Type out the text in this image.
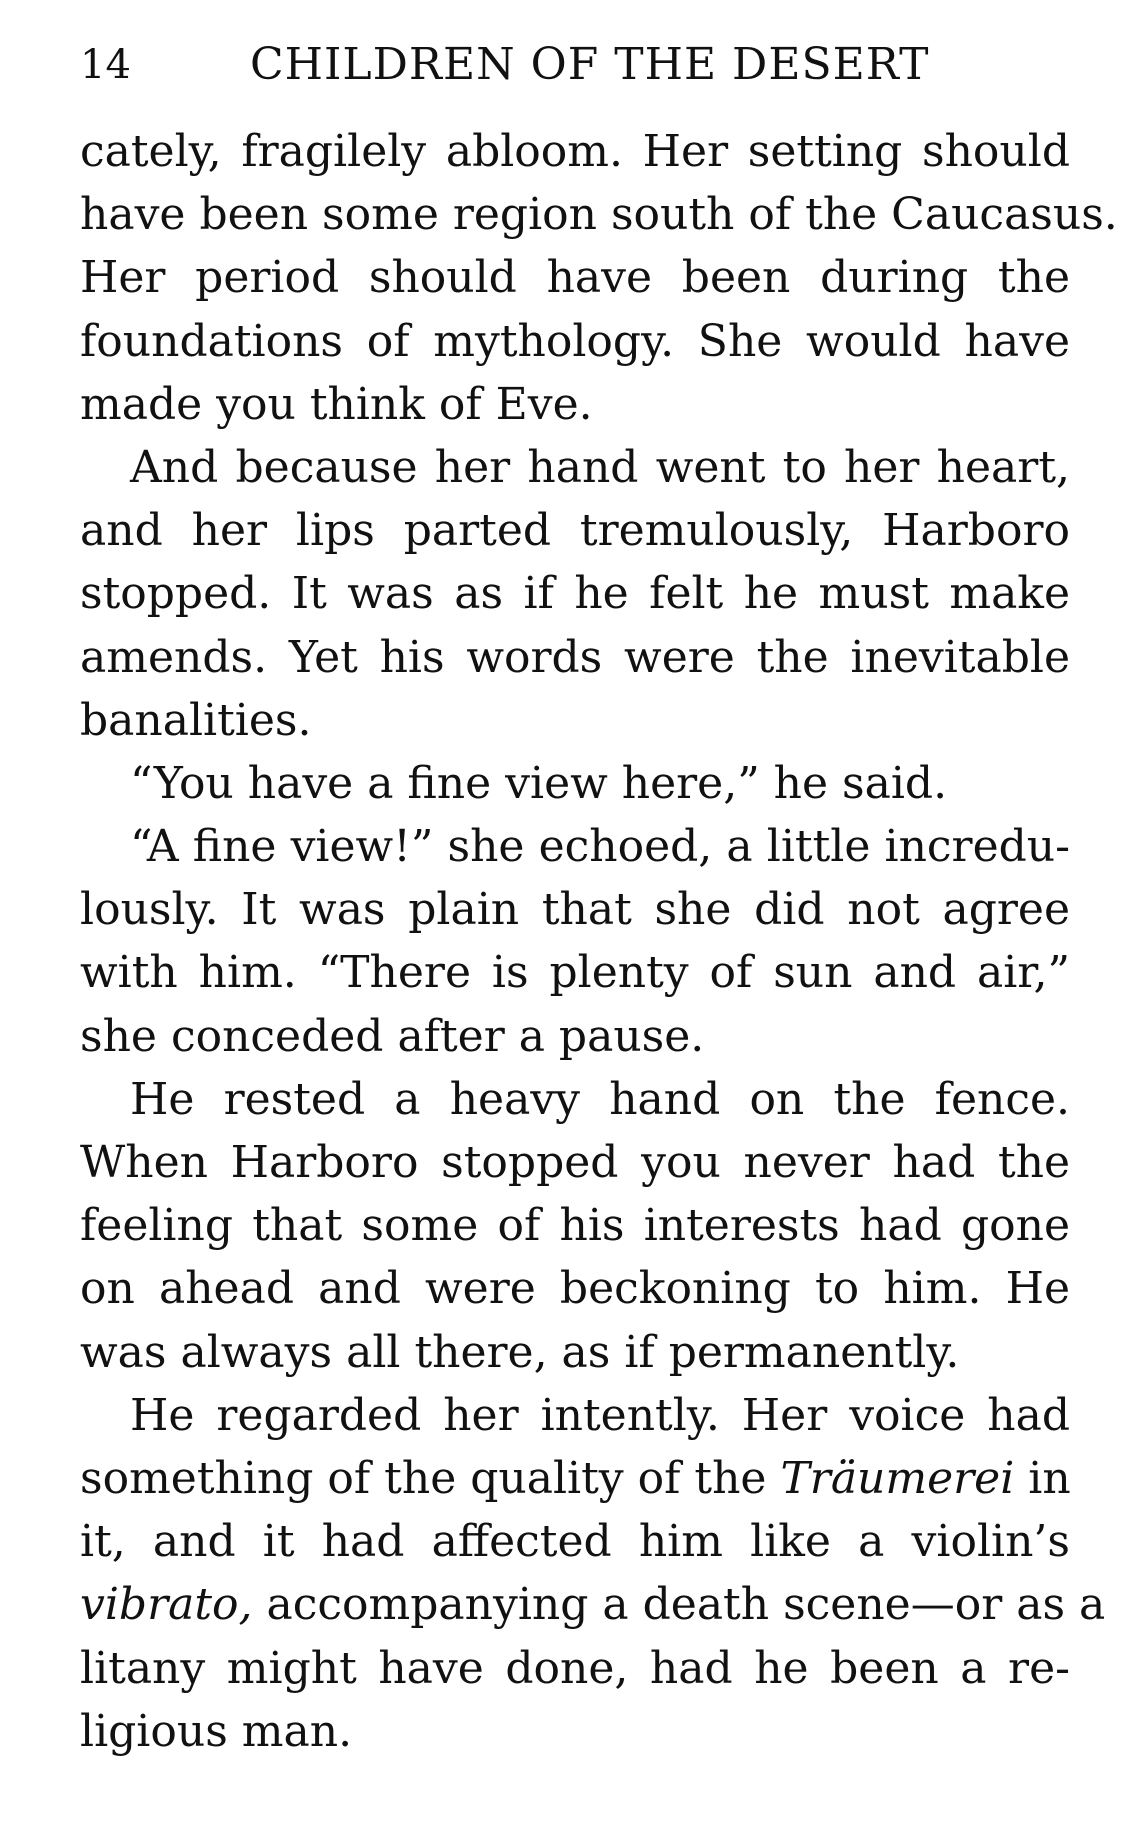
14	CHILDREN OF THE DESERT
cately, fragilely abloom. Her setting should
have been some region south of the Caucasus.
Her period should have been during the
foundations of mythology. She would have
made you think of Eve.
And because her hand went to her heart,
and her lips parted tremulously, Harboro
stopped. It was as if he felt he must make
amends. Yet his words were the inevitable
banalities.
“You have a fine view here,” he said.
“A fine view!” she echoed, a little incredu-
lously. It was plain that she did not agree
with him. “There is plenty of sun and air,”
she conceded after a pause.
He rested a heavy hand on the fence.
When Harboro stopped you never had the
feeling that some of his interests had gone
on ahead and were beckoning to him. He
was always all there, as if permanently.
He regarded her intently. Her voice had
something of the quality of the Träumerei in
it, and it had affected him like a violin’s
vibrato, accompanying a death scene—or as a
litany might have done, had he been a re-
ligious man.
